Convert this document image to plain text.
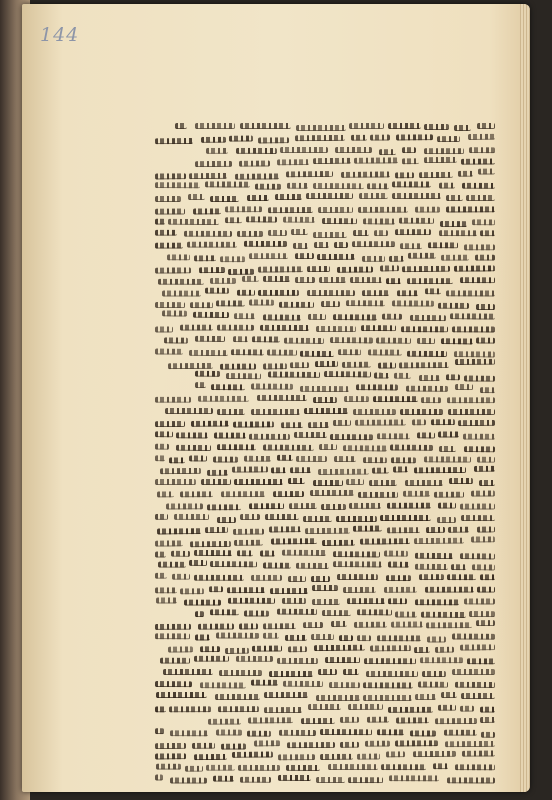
144
